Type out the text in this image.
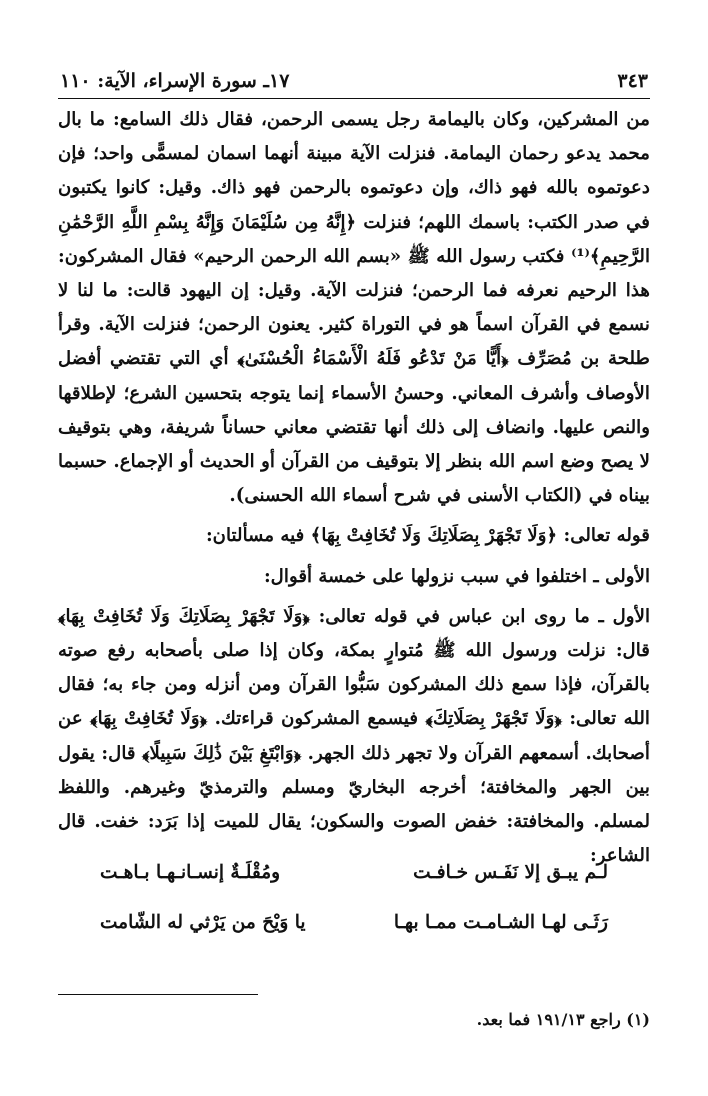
٣٤٣
١٧ـ سورة الإسراء، الآية: ١١٠

من المشركين، وكان باليمامة رجل يسمى الرحمن، فقال ذلك السامع: ما بال محمد يدعو رحمان اليمامة. فنزلت الآية مبينة أنهما اسمان لمسمًّى واحد؛ فإن دعوتموه بالله فهو ذاك، وإن دعوتموه بالرحمن فهو ذاك. وقيل: كانوا يكتبون في صدر الكتب: باسمك اللهم؛ فنزلت ﴿إِنَّهُ مِن سُلَيْمَانَ وَإِنَّهُ بِسْمِ اللَّهِ الرَّحْمَٰنِ الرَّحِيمِ﴾⁽¹⁾ فكتب رسول الله ﷺ «بسم الله الرحمن الرحيم» فقال المشركون: هذا الرحيم نعرفه فما الرحمن؛ فنزلت الآية. وقيل: إن اليهود قالت: ما لنا لا نسمع في القرآن اسماً هو في التوراة كثير. يعنون الرحمن؛ فنزلت الآية. وقرأ طلحة بن مُصَرِّف ﴿أَيًّا مَنْ تَدْعُو فَلَهُ الْأَسْمَاءُ الْحُسْنَىٰ﴾ أي التي تقتضي أفضل الأوصاف وأشرف المعاني. وحسنُ الأسماء إنما يتوجه بتحسين الشرع؛ لإطلاقها والنص عليها. وانضاف إلى ذلك أنها تقتضي معاني حساناً شريفة، وهي بتوقيف لا يصح وضع اسم الله بنظر إلا بتوقيف من القرآن أو الحديث أو الإجماع. حسبما بيناه في (الكتاب الأسنى في شرح أسماء الله الحسنى).

قوله تعالى: ﴿وَلَا تَجْهَرْ بِصَلَاتِكَ وَلَا تُخَافِتْ بِهَا﴾ فيه مسألتان:

الأولى ـ اختلفوا في سبب نزولها على خمسة أقوال:

الأول ـ ما روى ابن عباس في قوله تعالى: ﴿وَلَا تَجْهَرْ بِصَلَاتِكَ وَلَا تُخَافِتْ بِهَا﴾ قال: نزلت ورسول الله ﷺ مُتوارٍ بمكة، وكان إذا صلى بأصحابه رفع صوته بالقرآن، فإذا سمع ذلك المشركون سَبُّوا القرآن ومن أنزله ومن جاء به؛ فقال الله تعالى: ﴿وَلَا تَجْهَرْ بِصَلَاتِكَ﴾ فيسمع المشركون قراءتك. ﴿وَلَا تُخَافِتْ بِهَا﴾ عن أصحابك. أسمعهم القرآن ولا تجهر ذلك الجهر. ﴿وَابْتَغِ بَيْنَ ذَٰلِكَ سَبِيلًا﴾ قال: يقول بين الجهر والمخافتة؛ أخرجه البخاريّ ومسلم والترمذيّ وغيرهم. واللفظ لمسلم. والمخافتة: خفض الصوت والسكون؛ يقال للميت إذا بَرَد: خفت. قال الشاعر:

لـم يبـق إلا نَفَـس خـافـت
ومُقْلَـةٌ إنسـانـهـا بـاهـت
رَثَـى لهـا الشـامـت ممـا بهـا
يا وَيْحَ من يَرْثي له الشّامت
(١) راجع ١٩١/١٣ فما بعد.
